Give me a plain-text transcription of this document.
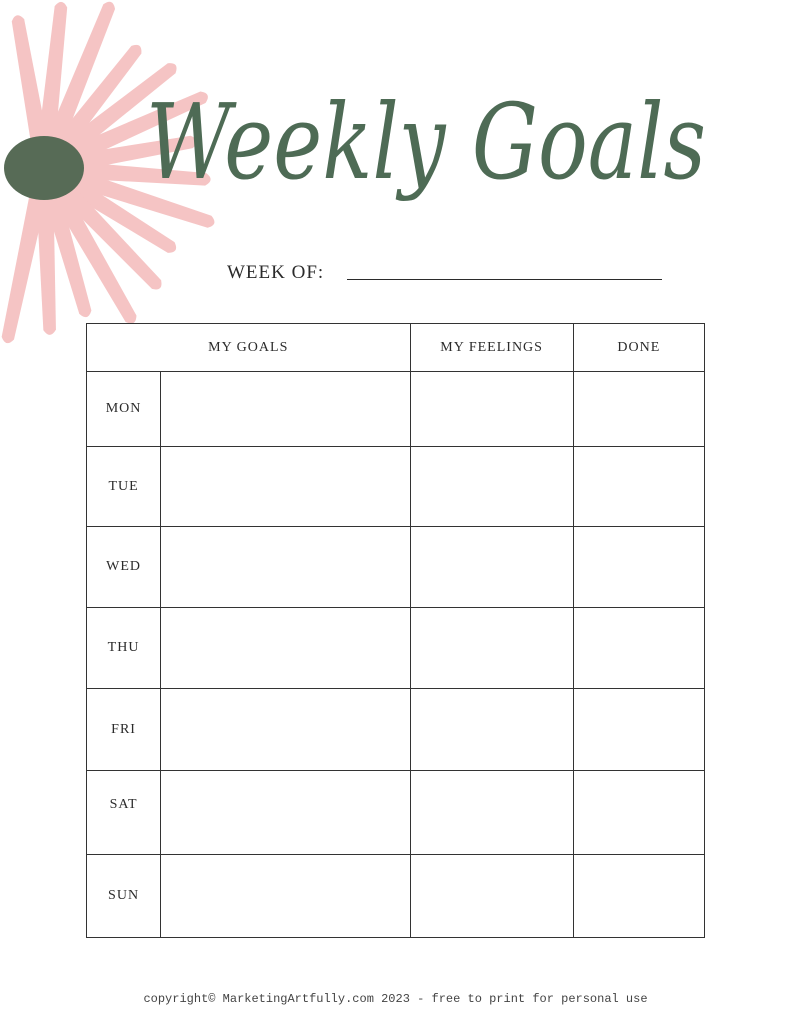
Weekly Goals
WEEK OF:
MY GOALS		MY FEELINGS	DONE
MON			
TUE			
WED			
THU			
FRI			
SAT			
SUN			
copyright© MarketingArtfully.com 2023 - free to print for personal use
